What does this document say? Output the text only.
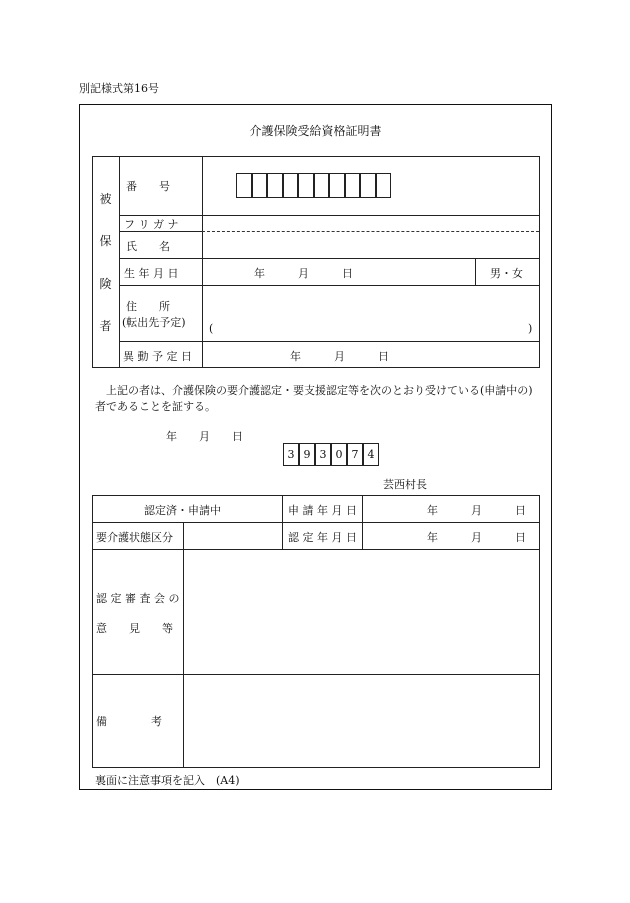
別記様式第16号
介護保険受給資格証明書
被
保
険
者
番　　号
フ リ ガ ナ
氏　　名
生 年 月 日	年　　　月　　　日	男・女
住　　所
(転出先予定) (	)
異 動 予 定 日	年　　　月　　　日
上記の者は、介護保険の要介護認定・要支援認定等を次のとおり受けている(申請中の)者であることを証する。
年　　月　　日
3 9 3 0 7 4
芸西村長
認定済・申請中	申 請 年 月 日	年　　　月　　　日
要介護状態区分	認 定 年 月 日	年　　　月　　　日
認 定 審 査 会 の
意　　見　　等
備　　　　考
裏面に注意事項を記入　(A4)
